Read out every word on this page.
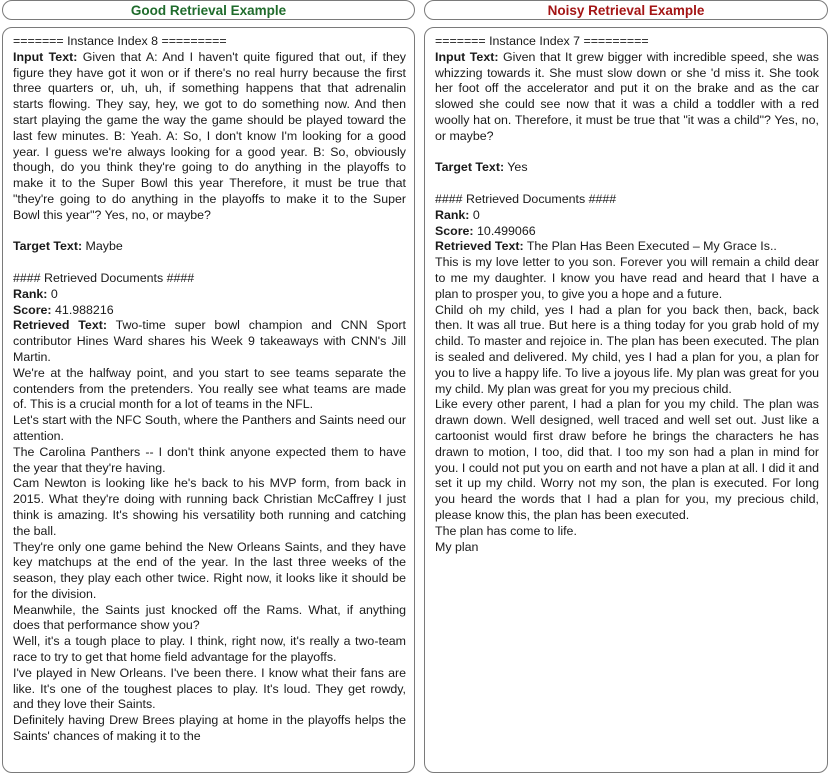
Good Retrieval Example

======= Instance Index 8 =========

Input Text: Given that A: And I haven't quite figured that out, if they figure they have got it won or if there's no real hurry because the first three quarters or, uh, uh, if something happens that that adrenalin starts flowing. They say, hey, we got to do something now. And then start playing the game the way the game should be played toward the last few minutes. B: Yeah. A: So, I don't know I'm looking for a good year. I guess we're always looking for a good year. B: So, obviously though, do you think they're going to do anything in the playoffs to make it to the Super Bowl this year Therefore, it must be true that "they're going to do anything in the playoffs to make it to the Super Bowl this year"? Yes, no, or maybe?

Target Text: Maybe

#### Retrieved Documents ####

Rank: 0

Score: 41.988216

Retrieved Text: Two-time super bowl champion and CNN Sport contributor Hines Ward shares his Week 9 takeaways with CNN's Jill Martin.

We're at the halfway point, and you start to see teams separate the contenders from the pretenders. You really see what teams are made of. This is a crucial month for a lot of teams in the NFL.

Let's start with the NFC South, where the Panthers and Saints need our attention.

The Carolina Panthers -- I don't think anyone expected them to have the year that they're having.

Cam Newton is looking like he's back to his MVP form, from back in 2015. What they're doing with running back Christian McCaffrey I just think is amazing. It's showing his versatility both running and catching the ball.

They're only one game behind the New Orleans Saints, and they have key matchups at the end of the year. In the last three weeks of the season, they play each other twice. Right now, it looks like it should be for the division.

Meanwhile, the Saints just knocked off the Rams. What, if anything does that performance show you?

Well, it's a tough place to play. I think, right now, it's really a two-team race to try to get that home field advantage for the playoffs.

I've played in New Orleans. I've been there. I know what their fans are like. It's one of the toughest places to play. It's loud. They get rowdy, and they love their Saints.

Definitely having Drew Brees playing at home in the playoffs helps the Saints' chances of making it to the

Noisy Retrieval Example

======= Instance Index 7 =========

Input Text: Given that It grew bigger with incredible speed, she was whizzing towards it. She must slow down or she 'd miss it. She took her foot off the accelerator and put it on the brake and as the car slowed she could see now that it was a child a toddler with a red woolly hat on. Therefore, it must be true that "it was a child"? Yes, no, or maybe?

Target Text: Yes

#### Retrieved Documents ####

Rank: 0

Score: 10.499066

Retrieved Text: The Plan Has Been Executed – My Grace Is..

This is my love letter to you son. Forever you will remain a child dear to me my daughter. I know you have read and heard that I have a plan to prosper you, to give you a hope and a future.

Child oh my child, yes I had a plan for you back then, back, back then. It was all true. But here is a thing today for you grab hold of my child. To master and rejoice in. The plan has been executed. The plan is sealed and delivered. My child, yes I had a plan for you, a plan for you to live a happy life. To live a joyous life. My plan was great for you my child. My plan was great for you my precious child.

Like every other parent, I had a plan for you my child. The plan was drawn down. Well designed, well traced and well set out. Just like a cartoonist would first draw before he brings the characters he has drawn to motion, I too, did that. I too my son had a plan in mind for you. I could not put you on earth and not have a plan at all. I did it and set it up my child. Worry not my son, the plan is executed. For long you heard the words that I had a plan for you, my precious child, please know this, the plan has been executed.

The plan has come to life.

My plan
